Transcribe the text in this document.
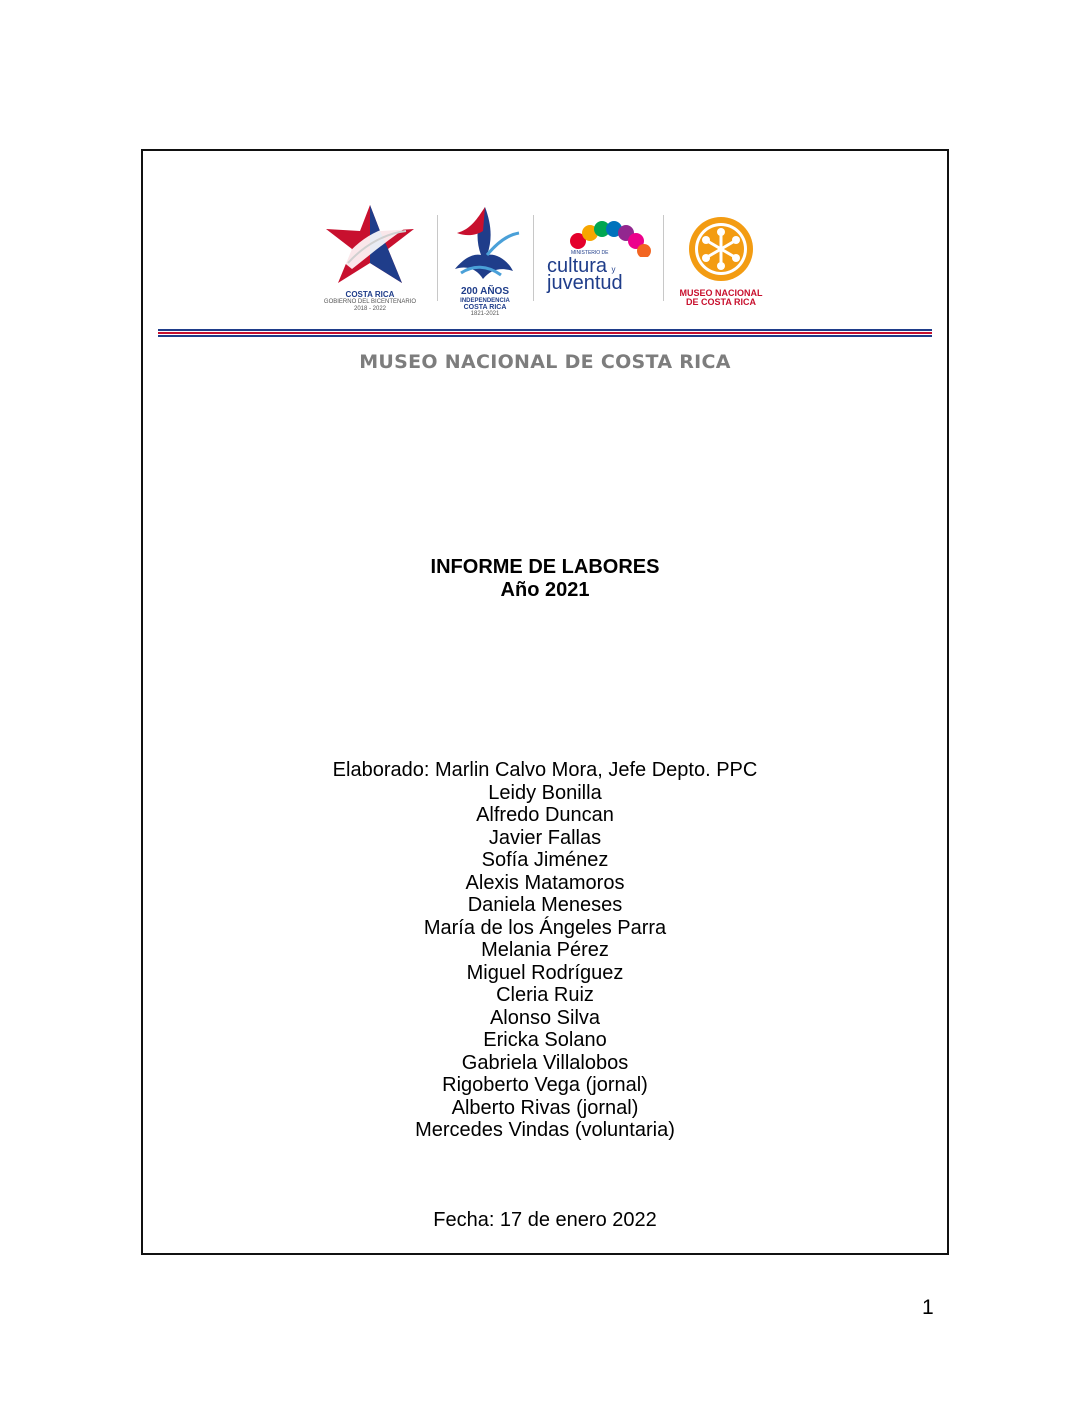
COSTA RICA
GOBIERNO DEL BICENTENARIO
2018 - 2022
200 AÑOS
INDEPENDENCIA
COSTA RICA
1821-2021
MINISTERIO DE
cultura y
juventud	MUSEO NACIONAL
DE COSTA RICA
MUSEO NACIONAL DE COSTA RICA
INFORME DE LABORES
Año 2021
Elaborado: Marlin Calvo Mora, Jefe Depto. PPC
Leidy Bonilla
Alfredo Duncan
Javier Fallas
Sofía Jiménez
Alexis Matamoros
Daniela Meneses
María de los Ángeles Parra
Melania Pérez
Miguel Rodríguez
Cleria Ruiz
Alonso Silva
Ericka Solano
Gabriela Villalobos
Rigoberto Vega (jornal)
Alberto Rivas (jornal)
Mercedes Vindas (voluntaria)
Fecha: 17 de enero 2022
1
